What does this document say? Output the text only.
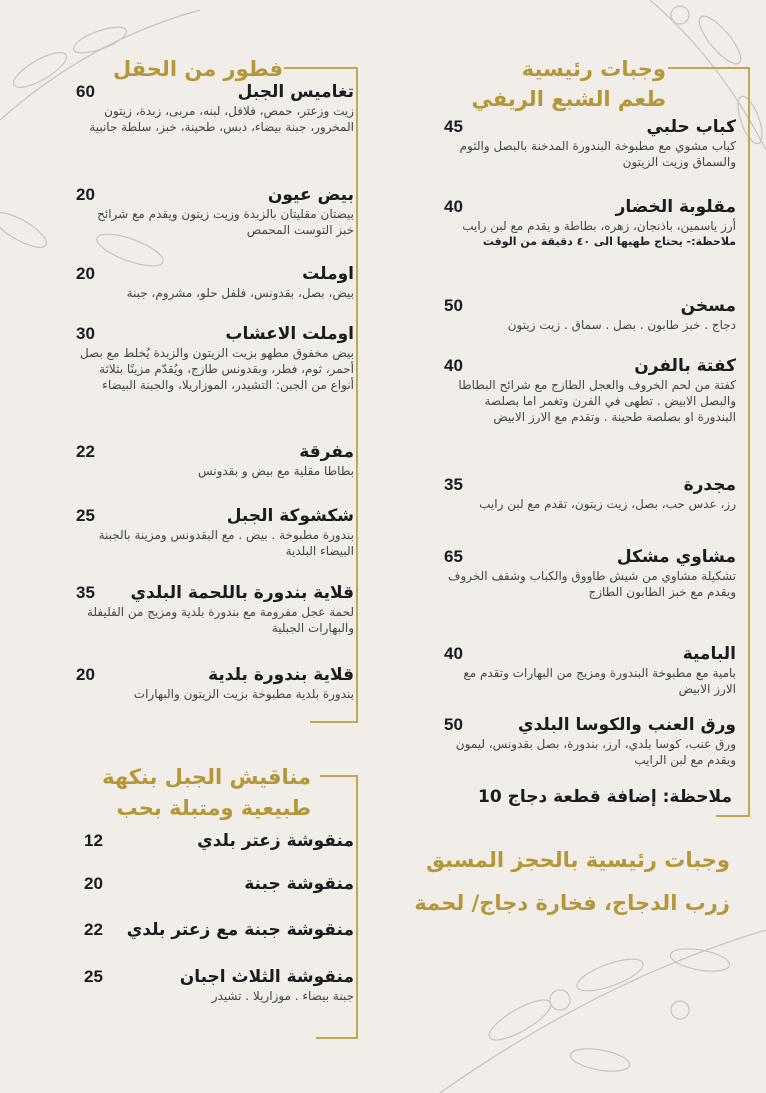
وجبات رئيسية
طعم الشبع الريفي
فطور من الحقل
مناقيش الجبل بنكهة
طبيعية ومتبلة بحب
وجبات رئيسية بالحجز المسبق
زرب الدجاج، فخارة دجاج/ لحمة
ملاحظة: إضافة قطعة دجاج 10
كباب حلبي
45
كباب مشوي مع مطبوخة البندورة المدخنة بالبصل والثوم والسماق وزيت الزيتون
مقلوبة الخضار
40
أرز ياسمين، باذنجان، زهره، بطاطة و يقدم مع لبن رايب
ملاحظة:- يحتاج طهيها الى ٤٠ دقيقة من الوقت
مسخن
50
دجاج . خبز طابون . بصل . سماق . زيت زيتون
كفتة بالفرن
40
كفتة من لحم الخروف والعجل الطازج مع شرائح البطاطا والبصل الابيض . تطهى في الفرن وتغمر اما بصلصة البندورة او بصلصة طحينة . وتقدم مع الارز الابيض
مجدرة
35
رز، عدس حب، بصل، زيت زيتون، تقدم مع لبن رايب
مشاوي مشكل
65
تشكيلة مشاوي من شيش طاووق والكباب وشقف الخروف ويقدم مع خبز الطابون الطازج
البامية
40
بامية مع مطبوخة البندورة ومزيج من البهارات وتقدم مع الارز الابيض
ورق العنب والكوسا البلدي
50
ورق عنب، كوسا بلدي، ارز، بندورة، بصل بقدونس، ليمون ويقدم مع لبن الرايب
تغاميس الجبل
60
زيت وزعتر، حمص، فلافل، لبنه، مربى، زبدة، زيتون المخرور، جبنة بيضاء، دبس، طحينة، خبز، سلطة جانبية
بيض عيون
20
بيضتان مقليتان بالزبدة وزيت زيتون ويقدم مع شرائح خبز التوست المحمص
اوملت
20
بيض، بصل، بقدونس، فلفل حلو، مشروم، جبنة
اوملت الاعشاب
30
بيض مخفوق مطهو بزيت الزيتون والزبدة يُخلط مع بصل أحمر، ثوم، فطر، وبقدونس طازج، ويُقدّم مزينًا بثلاثة أنواع من الجبن: التشيدر، الموزاريلا، والجبنة البيضاء
مفرقة
22
بطاطا مقلية مع بيض و بقدونس
شكشوكة الجبل
25
بندورة مطبوخة . بيض . مع البقدونس ومزينة بالجبنة البيضاء البلدية
قلاية بندورة باللحمة البلدي
35
لحمة عجل مفرومة مع بندورة بلدية ومزيج من الفليفلة والبهارات الجبلية
قلاية بندورة بلدية
20
بندورة بلدية مطبوخة بزيت الزيتون والبهارات
منقوشة زعتر بلدي
12
منقوشة جبنة
20
منقوشة جبنة مع زعتر بلدي
22
منقوشة الثلاث اجبان
25
جبنة بيضاء . موزاريلا . تشيدر
